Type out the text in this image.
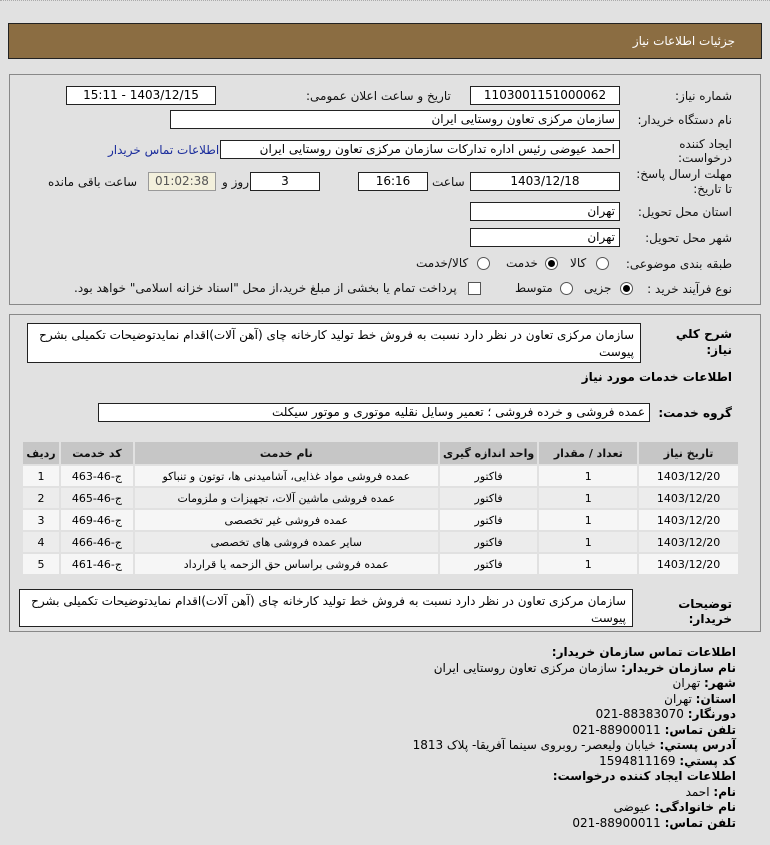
جزئیات اطلاعات نیاز
شماره نیاز:
1103001151000062
تاریخ و ساعت اعلان عمومی:
1403/12/15 - 15:11
نام دستگاه خریدار:
سازمان مرکزی تعاون روستایی ایران
ایجاد کننده
درخواست:
احمد عیوضی رئیس اداره تدارکات سازمان مرکزی تعاون روستایی ایران
اطلاعات تماس خریدار
مهلت ارسال پاسخ:
تا تاریخ:
1403/12/18
ساعت
16:16
3
روز و
01:02:38
ساعت باقی مانده
استان محل تحویل:
تهران
شهر محل تحویل:
تهران
طبقه بندی موضوعی:
کالا
خدمت
کالا/خدمت
نوع فرآیند خرید :
جزیی
متوسط
پرداخت تمام یا بخشی از مبلغ خرید،از محل "اسناد خزانه اسلامی" خواهد بود.
شرح کلي
نياز:
سازمان مرکزی تعاون در نظر دارد نسبت به فروش خط تولید کارخانه چای (آهن آلات)اقدام نمایدتوضیحات تکمیلی بشرح پیوست
اطلاعات خدمات مورد نیاز
گروه خدمت:
عمده فروشی و خرده فروشی ؛ تعمیر وسایل نقلیه موتوری و موتور سیکلت
تاریخ نیاز	تعداد / مقدار	واحد اندازه گیری	نام خدمت	کد خدمت	ردیف
1403/12/20	1	فاکتور	عمده فروشی مواد غذایی، آشامیدنی ها، توتون و تنباکو	ج-46-463	1
1403/12/20	1	فاکتور	عمده فروشی ماشین آلات، تجهیزات و ملزومات	ج-46-465	2
1403/12/20	1	فاکتور	عمده فروشی غیر تخصصی	ج-46-469	3
1403/12/20	1	فاکتور	سایر عمده فروشی های تخصصی	ج-46-466	4
1403/12/20	1	فاکتور	عمده فروشی براساس حق الزحمه یا قرارداد	ج-46-461	5
توضیحات
خریدار:
سازمان مرکزی تعاون در نظر دارد نسبت به فروش خط تولید کارخانه چای (آهن آلات)اقدام نمایدتوضیحات تکمیلی بشرح پیوست
اطلاعات تماس سازمان خریدار:
نام سازمان خریدار: سازمان مرکزی تعاون روستایی ایران
شهر: تهران
استان: تهران
دورنگار: 88383070-021
تلفن تماس: 88900011-021
آدرس پستي: خیابان ولیعصر- روبروی سینما آفریقا- پلاک 1813
کد پستي: 1594811169
اطلاعات ایجاد کننده درخواست:
نام: احمد
نام خانوادگی: عیوضی
تلفن تماس: 88900011-021
